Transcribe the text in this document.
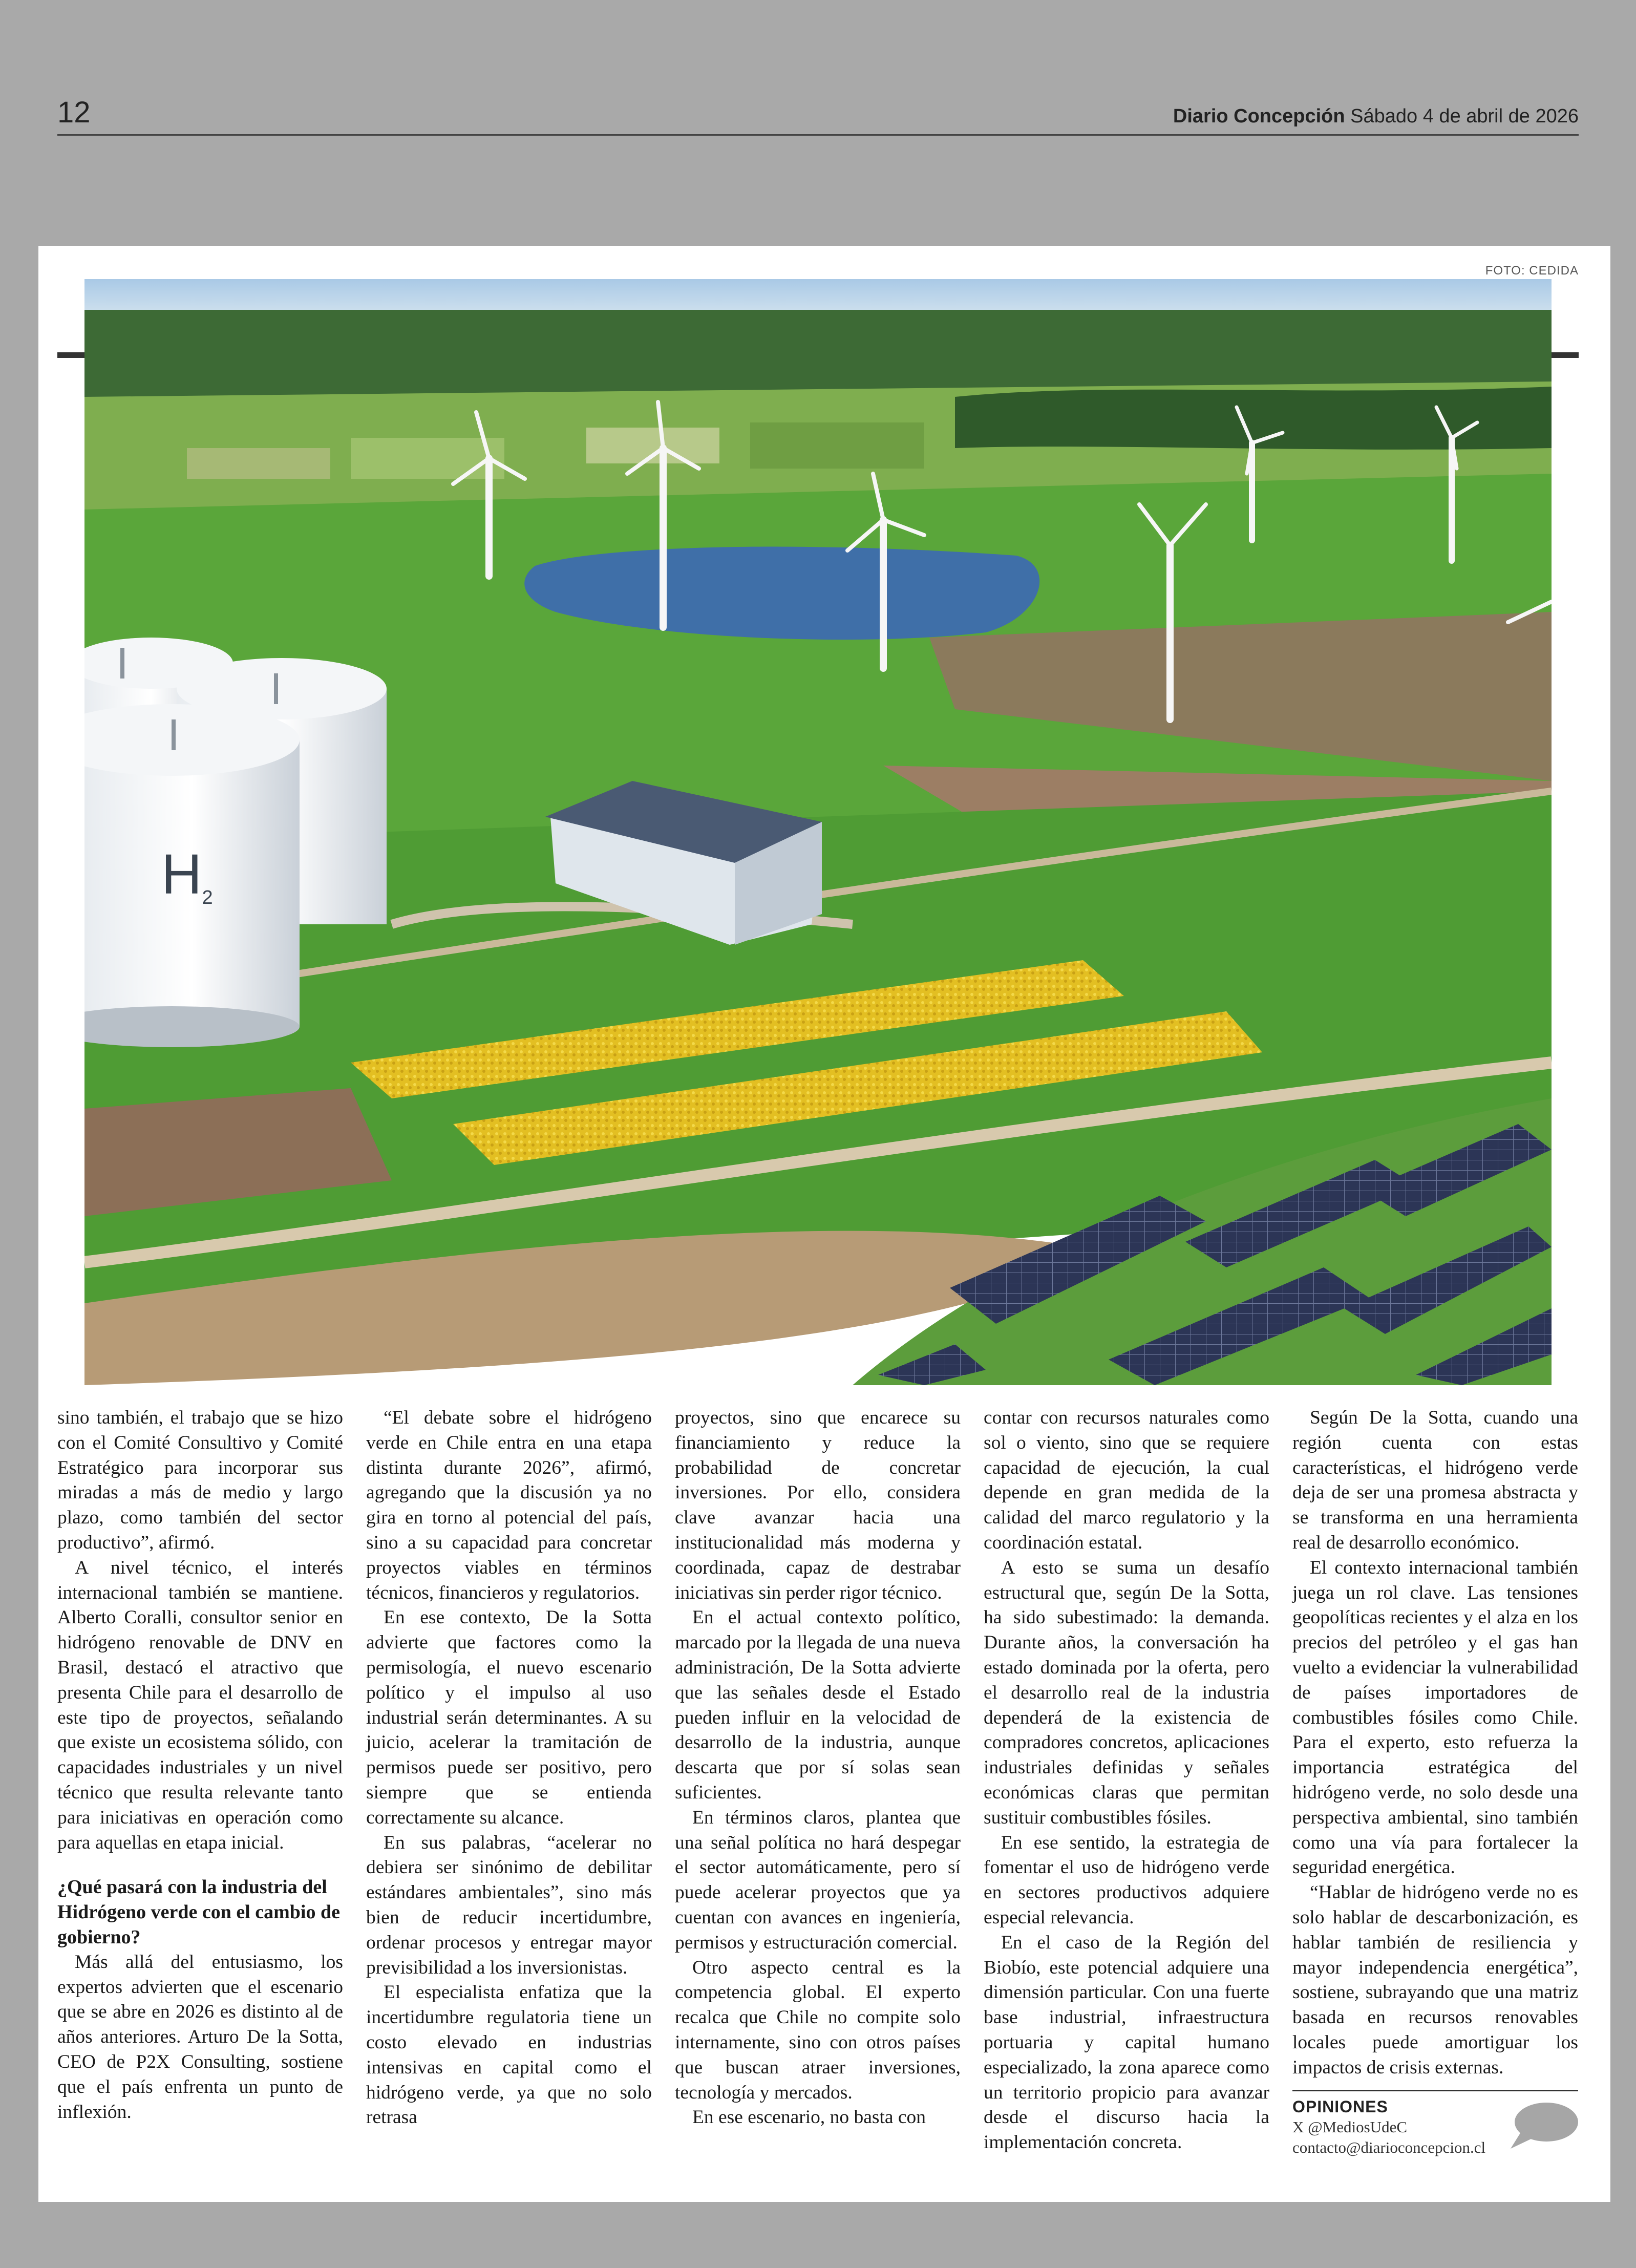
12	Diario Concepción Sábado 4 de abril de 2026
FOTO: CEDIDA
H2

sino también, el trabajo que se hizo con el Comité Consultivo y Comité Estratégico para incorporar sus miradas a más de medio y largo plazo, como también del sector productivo”, afirmó.

A nivel técnico, el interés internacional también se mantiene. Alberto Coralli, consultor senior en hidrógeno renovable de DNV en Brasil, destacó el atractivo que presenta Chile para el desarrollo de este tipo de proyectos, señalando que existe un ecosistema sólido, con capacidades industriales y un nivel técnico que resulta relevante tanto para iniciativas en operación como para aquellas en etapa inicial.

¿Qué pasará con la industria del Hidrógeno verde con el cambio de gobierno?

Más allá del entusiasmo, los expertos advierten que el escenario que se abre en 2026 es distinto al de años anteriores. Arturo De la Sotta, CEO de P2X Consulting, sostiene que el país enfrenta un punto de inflexión.

“El debate sobre el hidrógeno verde en Chile entra en una etapa distinta durante 2026”, afirmó, agregando que la discusión ya no gira en torno al potencial del país, sino a su capacidad para concretar proyectos viables en términos técnicos, financieros y regulatorios.

En ese contexto, De la Sotta advierte que factores como la permisología, el nuevo escenario político y el impulso al uso industrial serán determinantes. A su juicio, acelerar la tramitación de permisos puede ser positivo, pero siempre que se entienda correctamente su alcance.

En sus palabras, “acelerar no debiera ser sinónimo de debilitar estándares ambientales”, sino más bien de reducir incertidumbre, ordenar procesos y entregar mayor previsibilidad a los inversionistas.

El especialista enfatiza que la incertidumbre regulatoria tiene un costo elevado en industrias intensivas en capital como el hidrógeno verde, ya que no solo retrasa

proyectos, sino que encarece su financiamiento y reduce la probabilidad de concretar inversiones. Por ello, considera clave avanzar hacia una institucionalidad más moderna y coordinada, capaz de destrabar iniciativas sin perder rigor técnico.

En el actual contexto político, marcado por la llegada de una nueva administración, De la Sotta advierte que las señales desde el Estado pueden influir en la velocidad de desarrollo de la industria, aunque descarta que por sí solas sean suficientes.

En términos claros, plantea que una señal política no hará despegar el sector automáticamente, pero sí puede acelerar proyectos que ya cuentan con avances en ingeniería, permisos y estructuración comercial.

Otro aspecto central es la competencia global. El experto recalca que Chile no compite solo internamente, sino con otros países que buscan atraer inversiones, tecnología y mercados.

En ese escenario, no basta con

contar con recursos naturales como sol o viento, sino que se requiere capacidad de ejecución, la cual depende en gran medida de la calidad del marco regulatorio y la coordinación estatal.

A esto se suma un desafío estructural que, según De la Sotta, ha sido subestimado: la demanda. Durante años, la conversación ha estado dominada por la oferta, pero el desarrollo real de la industria dependerá de la existencia de compradores concretos, aplicaciones industriales definidas y señales económicas claras que permitan sustituir combustibles fósiles.

En ese sentido, la estrategia de fomentar el uso de hidrógeno verde en sectores productivos adquiere especial relevancia.

En el caso de la Región del Biobío, este potencial adquiere una dimensión particular. Con una fuerte base industrial, infraestructura portuaria y capital humano especializado, la zona aparece como un territorio propicio para avanzar desde el discurso hacia la implementación concreta.

Según De la Sotta, cuando una región cuenta con estas características, el hidrógeno verde deja de ser una promesa abstracta y se transforma en una herramienta real de desarrollo económico.

El contexto internacional también juega un rol clave. Las tensiones geopolíticas recientes y el alza en los precios del petróleo y el gas han vuelto a evidenciar la vulnerabilidad de países importadores de combustibles fósiles como Chile. Para el experto, esto refuerza la importancia estratégica del hidrógeno verde, no solo desde una perspectiva ambiental, sino también como una vía para fortalecer la seguridad energética.

“Hablar de hidrógeno verde no es solo hablar de descarbonización, es hablar también de resiliencia y mayor independencia energética”, sostiene, subrayando que una matriz basada en recursos renovables locales puede amortiguar los impactos de crisis externas.

OPINIONES
X @MediosUdeC
contacto@diarioconcepcion.cl
